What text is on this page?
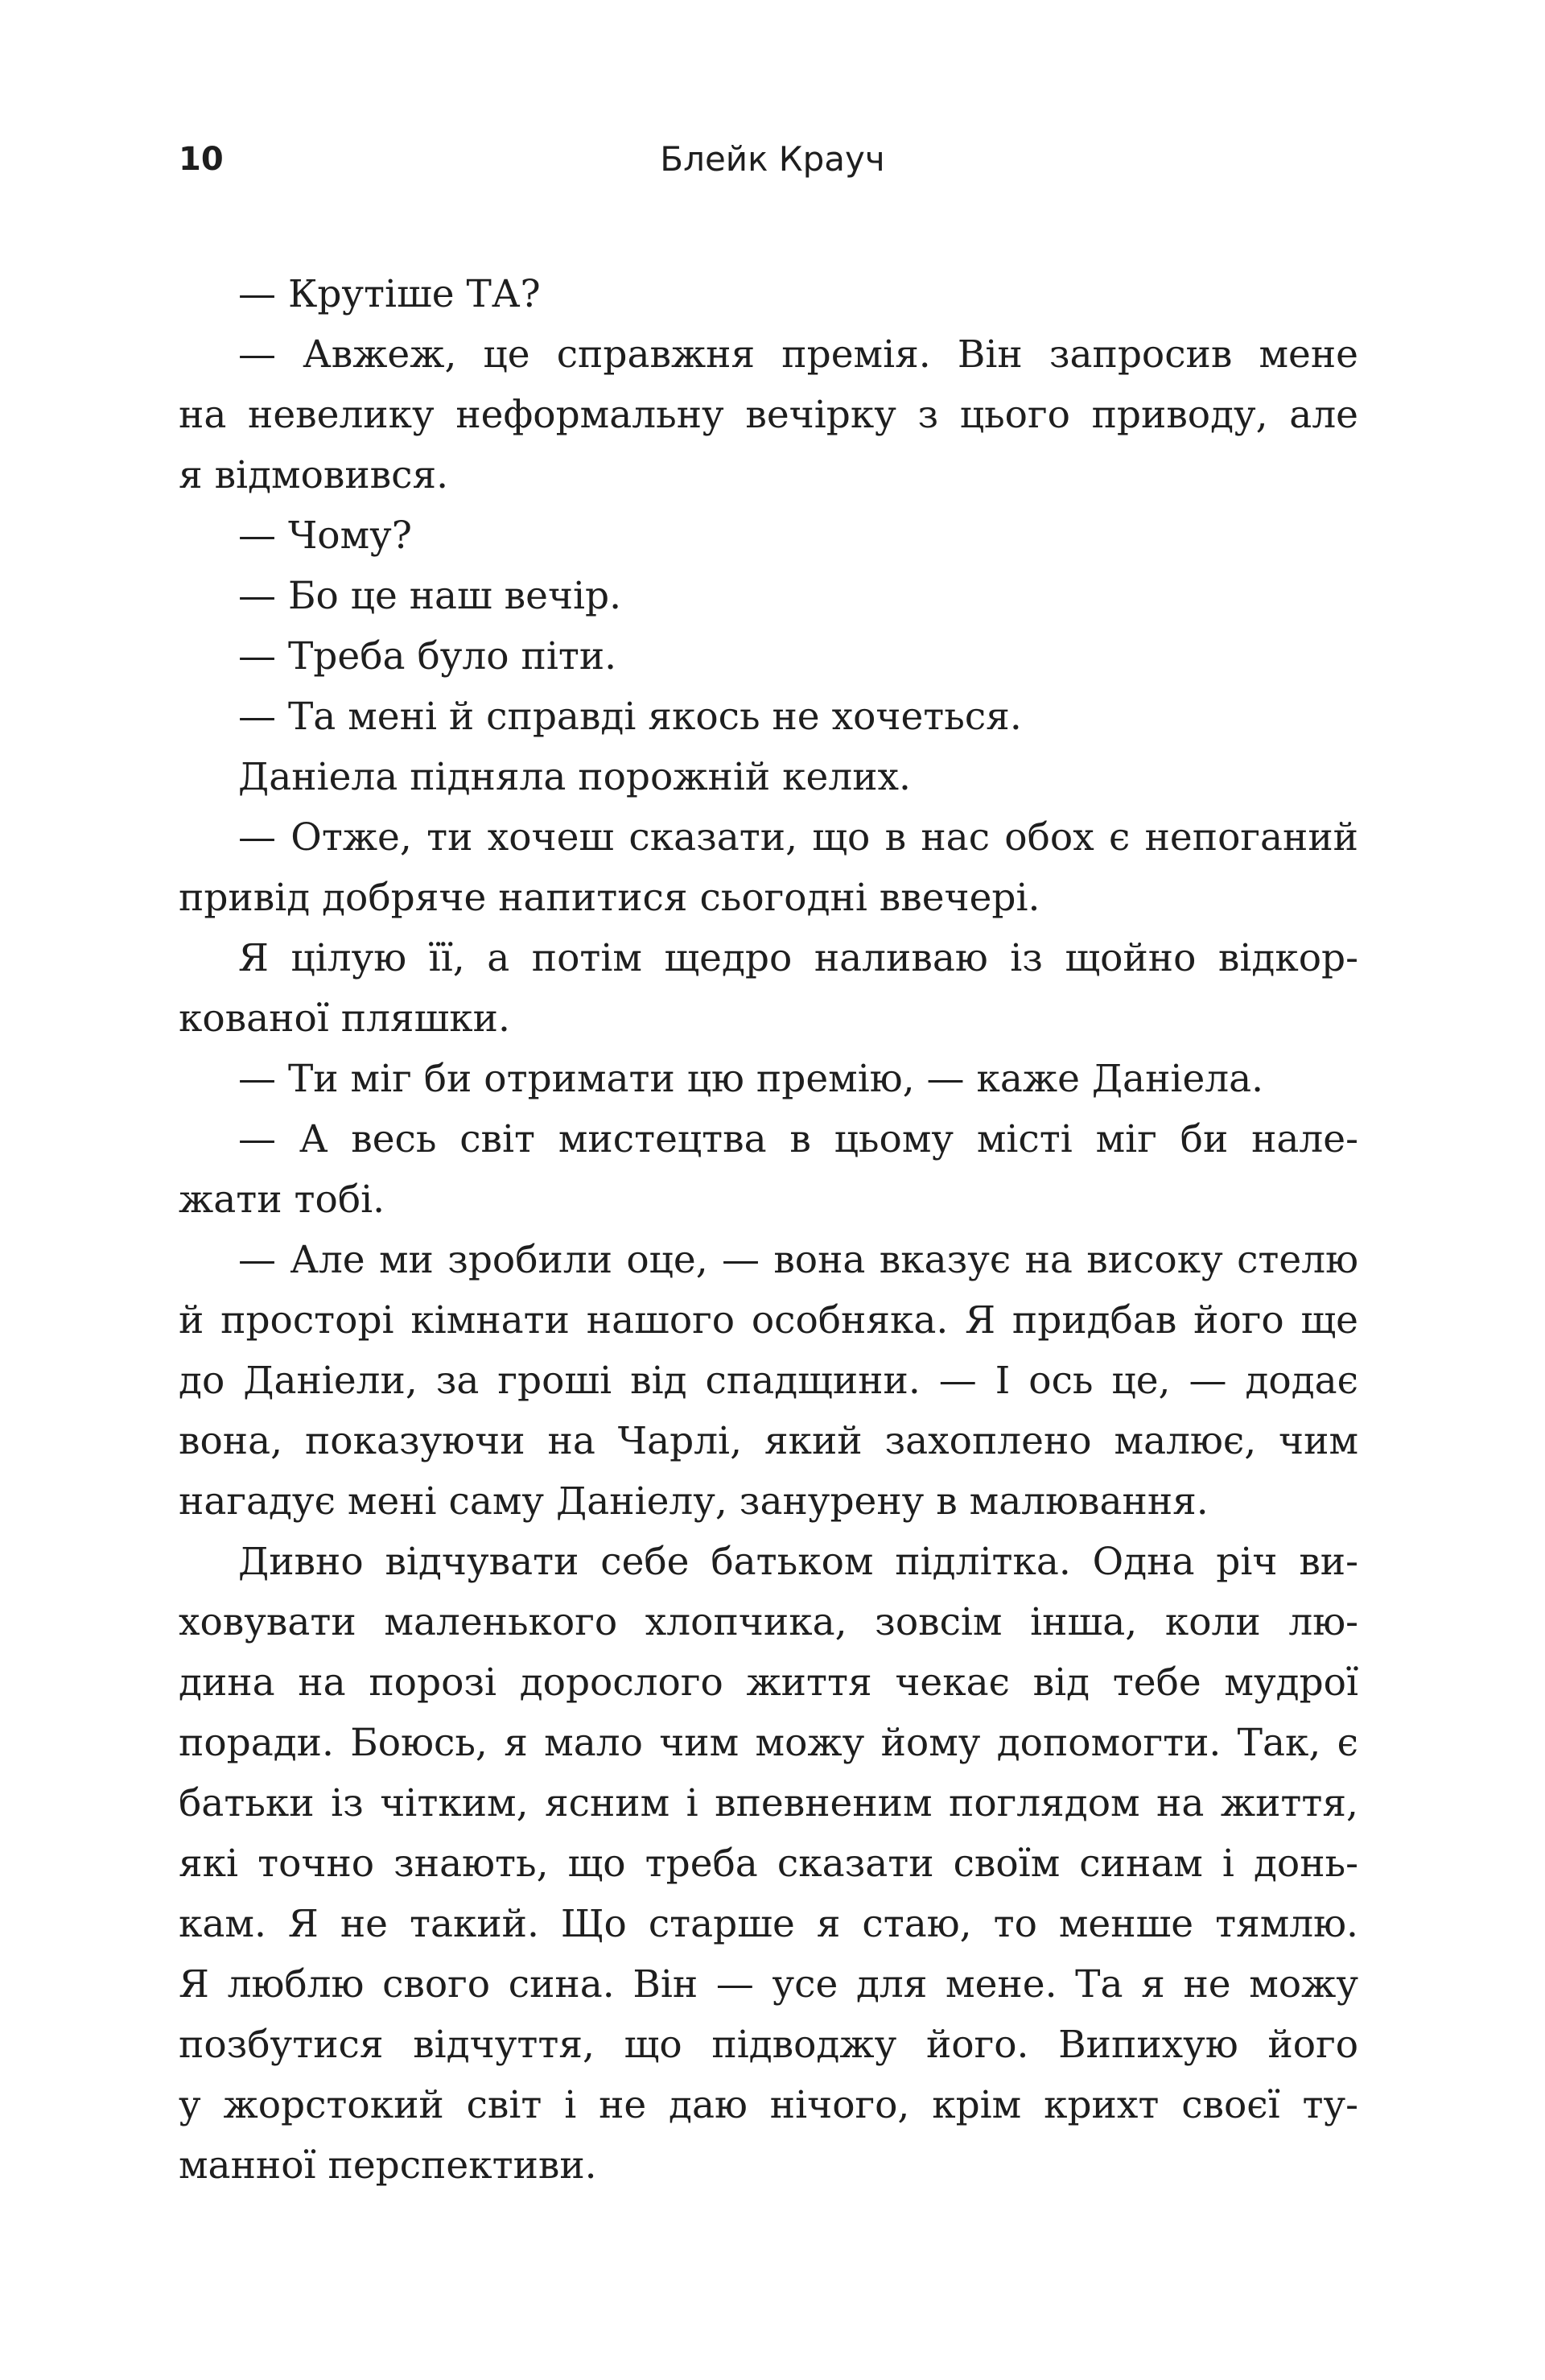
10	Блейк Крауч
— Крутіше ТА?
— Авжеж, це справжня премія. Він запросив мене
на невелику неформальну вечірку з цього приводу, але
я відмовився.
— Чому?
— Бо це наш вечір.
— Треба було піти.
— Та мені й справді якось не хочеться.
Даніела підняла порожній келих.
— Отже, ти хочеш сказати, що в нас обох є непоганий
привід добряче напитися сьогодні ввечері.
Я цілую її, а потім щедро наливаю із щойно відкор-
кованої пляшки.
— Ти міг би отримати цю премію, — каже Даніела.
— А весь світ мистецтва в цьому місті міг би нале-
жати тобі.
— Але ми зробили оце, — вона вказує на високу стелю
й просторі кімнати нашого особняка. Я придбав його ще
до Даніели, за гроші від спадщини. — І ось це, — додає
вона, показуючи на Чарлі, який захоплено малює, чим
нагадує мені саму Даніелу, занурену в малювання.
Дивно відчувати себе батьком підлітка. Одна річ ви-
ховувати маленького хлопчика, зовсім інша, коли лю-
дина на порозі дорослого життя чекає від тебе мудрої
поради. Боюсь, я мало чим можу йому допомогти. Так, є
батьки із чітким, ясним і впевненим поглядом на життя,
які точно знають, що треба сказати своїм синам і донь-
кам. Я не такий. Що старше я стаю, то менше тямлю.
Я люблю свого сина. Він — усе для мене. Та я не можу
позбутися відчуття, що підводжу його. Випихую його
у жорстокий світ і не даю нічого, крім крихт своєї ту-
манної перспективи.
